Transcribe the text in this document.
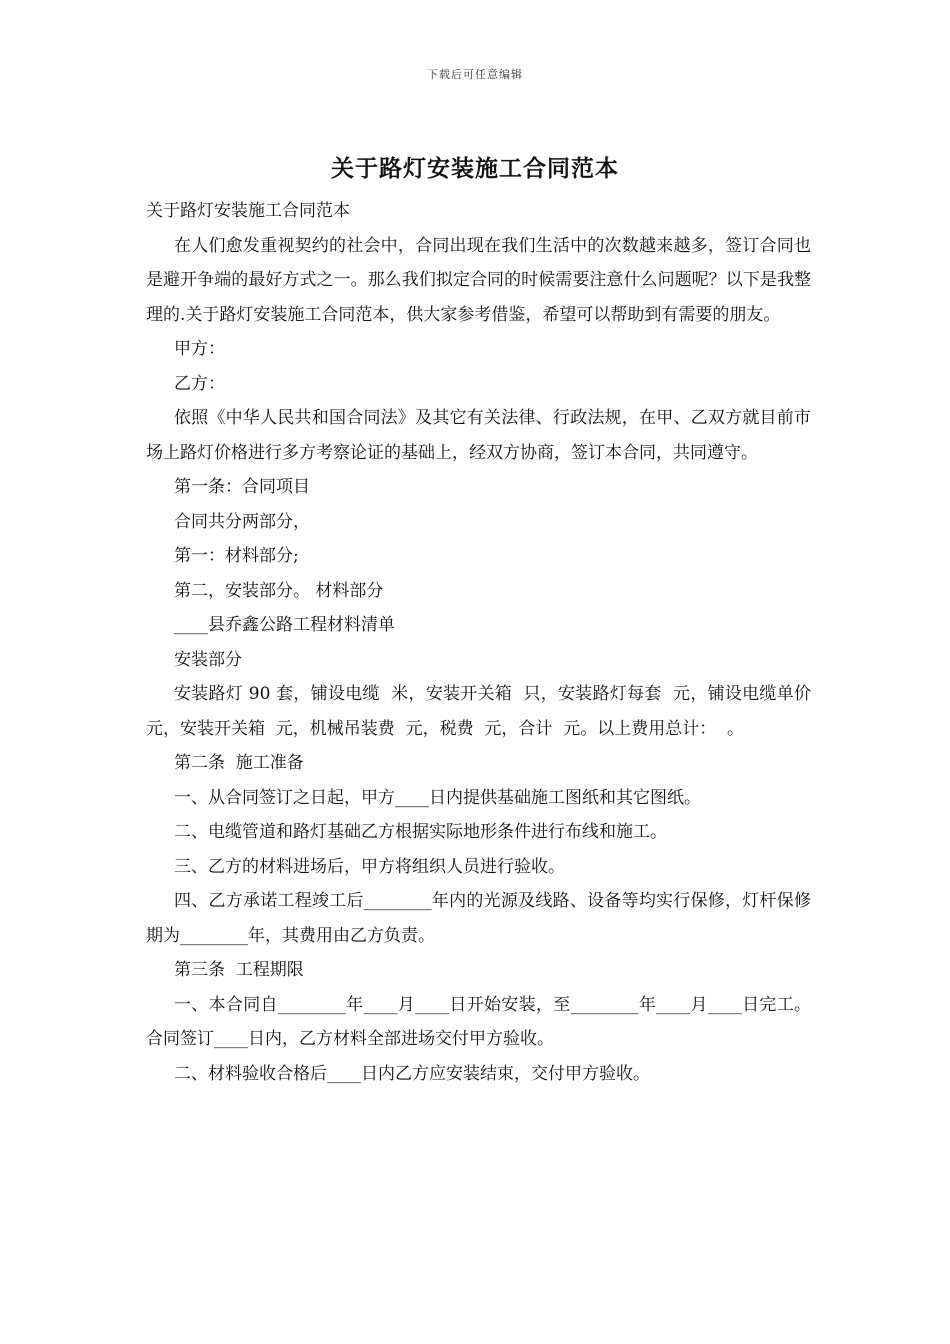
下载后可任意编辑
关于路灯安装施工合同范本

关于路灯安装施工合同范本

在人们愈发重视契约的社会中，合同出现在我们生活中的次数越来越多，签订合同也是避开争端的最好方式之一。那么我们拟定合同的时候需要注意什么问题呢？以下是我整理的.关于路灯安装施工合同范本，供大家参考借鉴，希望可以帮助到有需要的朋友。

甲方：

乙方：

依照《中华人民共和国合同法》及其它有关法律、行政法规，在甲、乙双方就目前市场上路灯价格进行多方考察论证的基础上，经双方协商，签订本合同，共同遵守。

第一条：合同项目

合同共分两部分，

第一：材料部分;

第二，安装部分。 材料部分

____县乔鑫公路工程材料清单

安装部分

安装路灯 90 套，铺设电缆  米，安装开关箱  只，安装路灯每套  元，铺设电缆单价  元，安装开关箱  元，机械吊装费  元，税费  元，合计  元。以上费用总计：  。

第二条  施工准备

一、从合同签订之日起，甲方____日内提供基础施工图纸和其它图纸。

二、电缆管道和路灯基础乙方根据实际地形条件进行布线和施工。

三、乙方的材料进场后，甲方将组织人员进行验收。

四、乙方承诺工程竣工后________年内的光源及线路、设备等均实行保修，灯杆保修期为________年，其费用由乙方负责。

第三条  工程期限

一、本合同自________年____月____日开始安装，至________年____月____日完工。合同签订____日内，乙方材料全部进场交付甲方验收。

二、材料验收合格后____日内乙方应安装结束，交付甲方验收。
